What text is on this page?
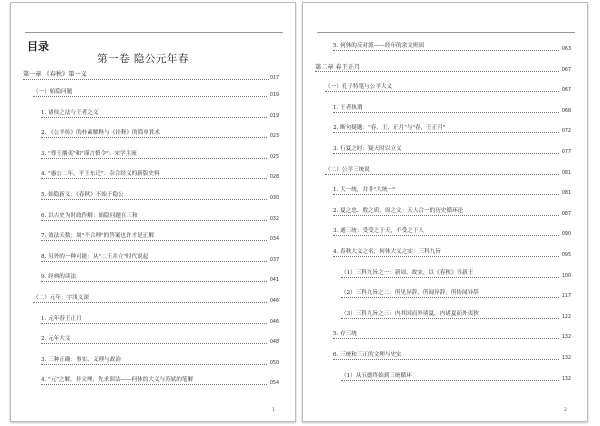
目录
第一卷 隐公元年春
第一章 《春秋》第一义
017
（一）始隐问题
019
1. 诸侯之法与王者之义
019
2. 《公羊传》的朴素解释与《诠释》的简单算术
023
3. "尊王攘夷"和"谨言慎令"：宋学主流
025
4. "惠公二年，平王东迁"：杂合经义的新版史料
028
5. 始隐新义：《春秋》不始于隐公
030
6. 以古史为时政作解：始隐问题在三和
032
7. 效法天数：周"不合理"的答案也许才是正解
034
8. 另外的一种可能：从"二王并立"时代说起
037
9. 经典的读法
041
（二）元年：字浅义深
046
1. 元年春王正月
046
2. 元年大义
048
3. 三种正确：事实、义理与政治
050
4. "元"之解，非文理，先求训诂——何休的大义与苏轼的笔解
054
1
5. 何休的反对派——经年的余文班固
063
第二章 春王正月	067
（一）孔子特笔与公羊大义
067
1. 王者执谓
068
2. 断句疑题："春，王，正月"与"春，王正月"
072
3. 行夏之时：疑天时以立义
077
（二）公羊三统说
081
1. 大一统，并非"大统一"
081
2. 夏之忠，殷之质，周之文：天人合一的历史循环论
087
3. 通三统：受受之于天，不受之于人
090
4. 春秋大义之名，何休大义之实：三科九旨
095
（1）三科九旨之一：新周、故宋，以《春秋》当新王
100
（2）三科九旨之二：所见异辞，所闻异辞，所传闻异辞
117
（3）三科九旨之三：内其国而外诸夏，内诸夏而外夷狄
122
5. 存三统
132
6. 三统和三正的文理与史实
132
（1）从五德终始到三统循环
132
2
